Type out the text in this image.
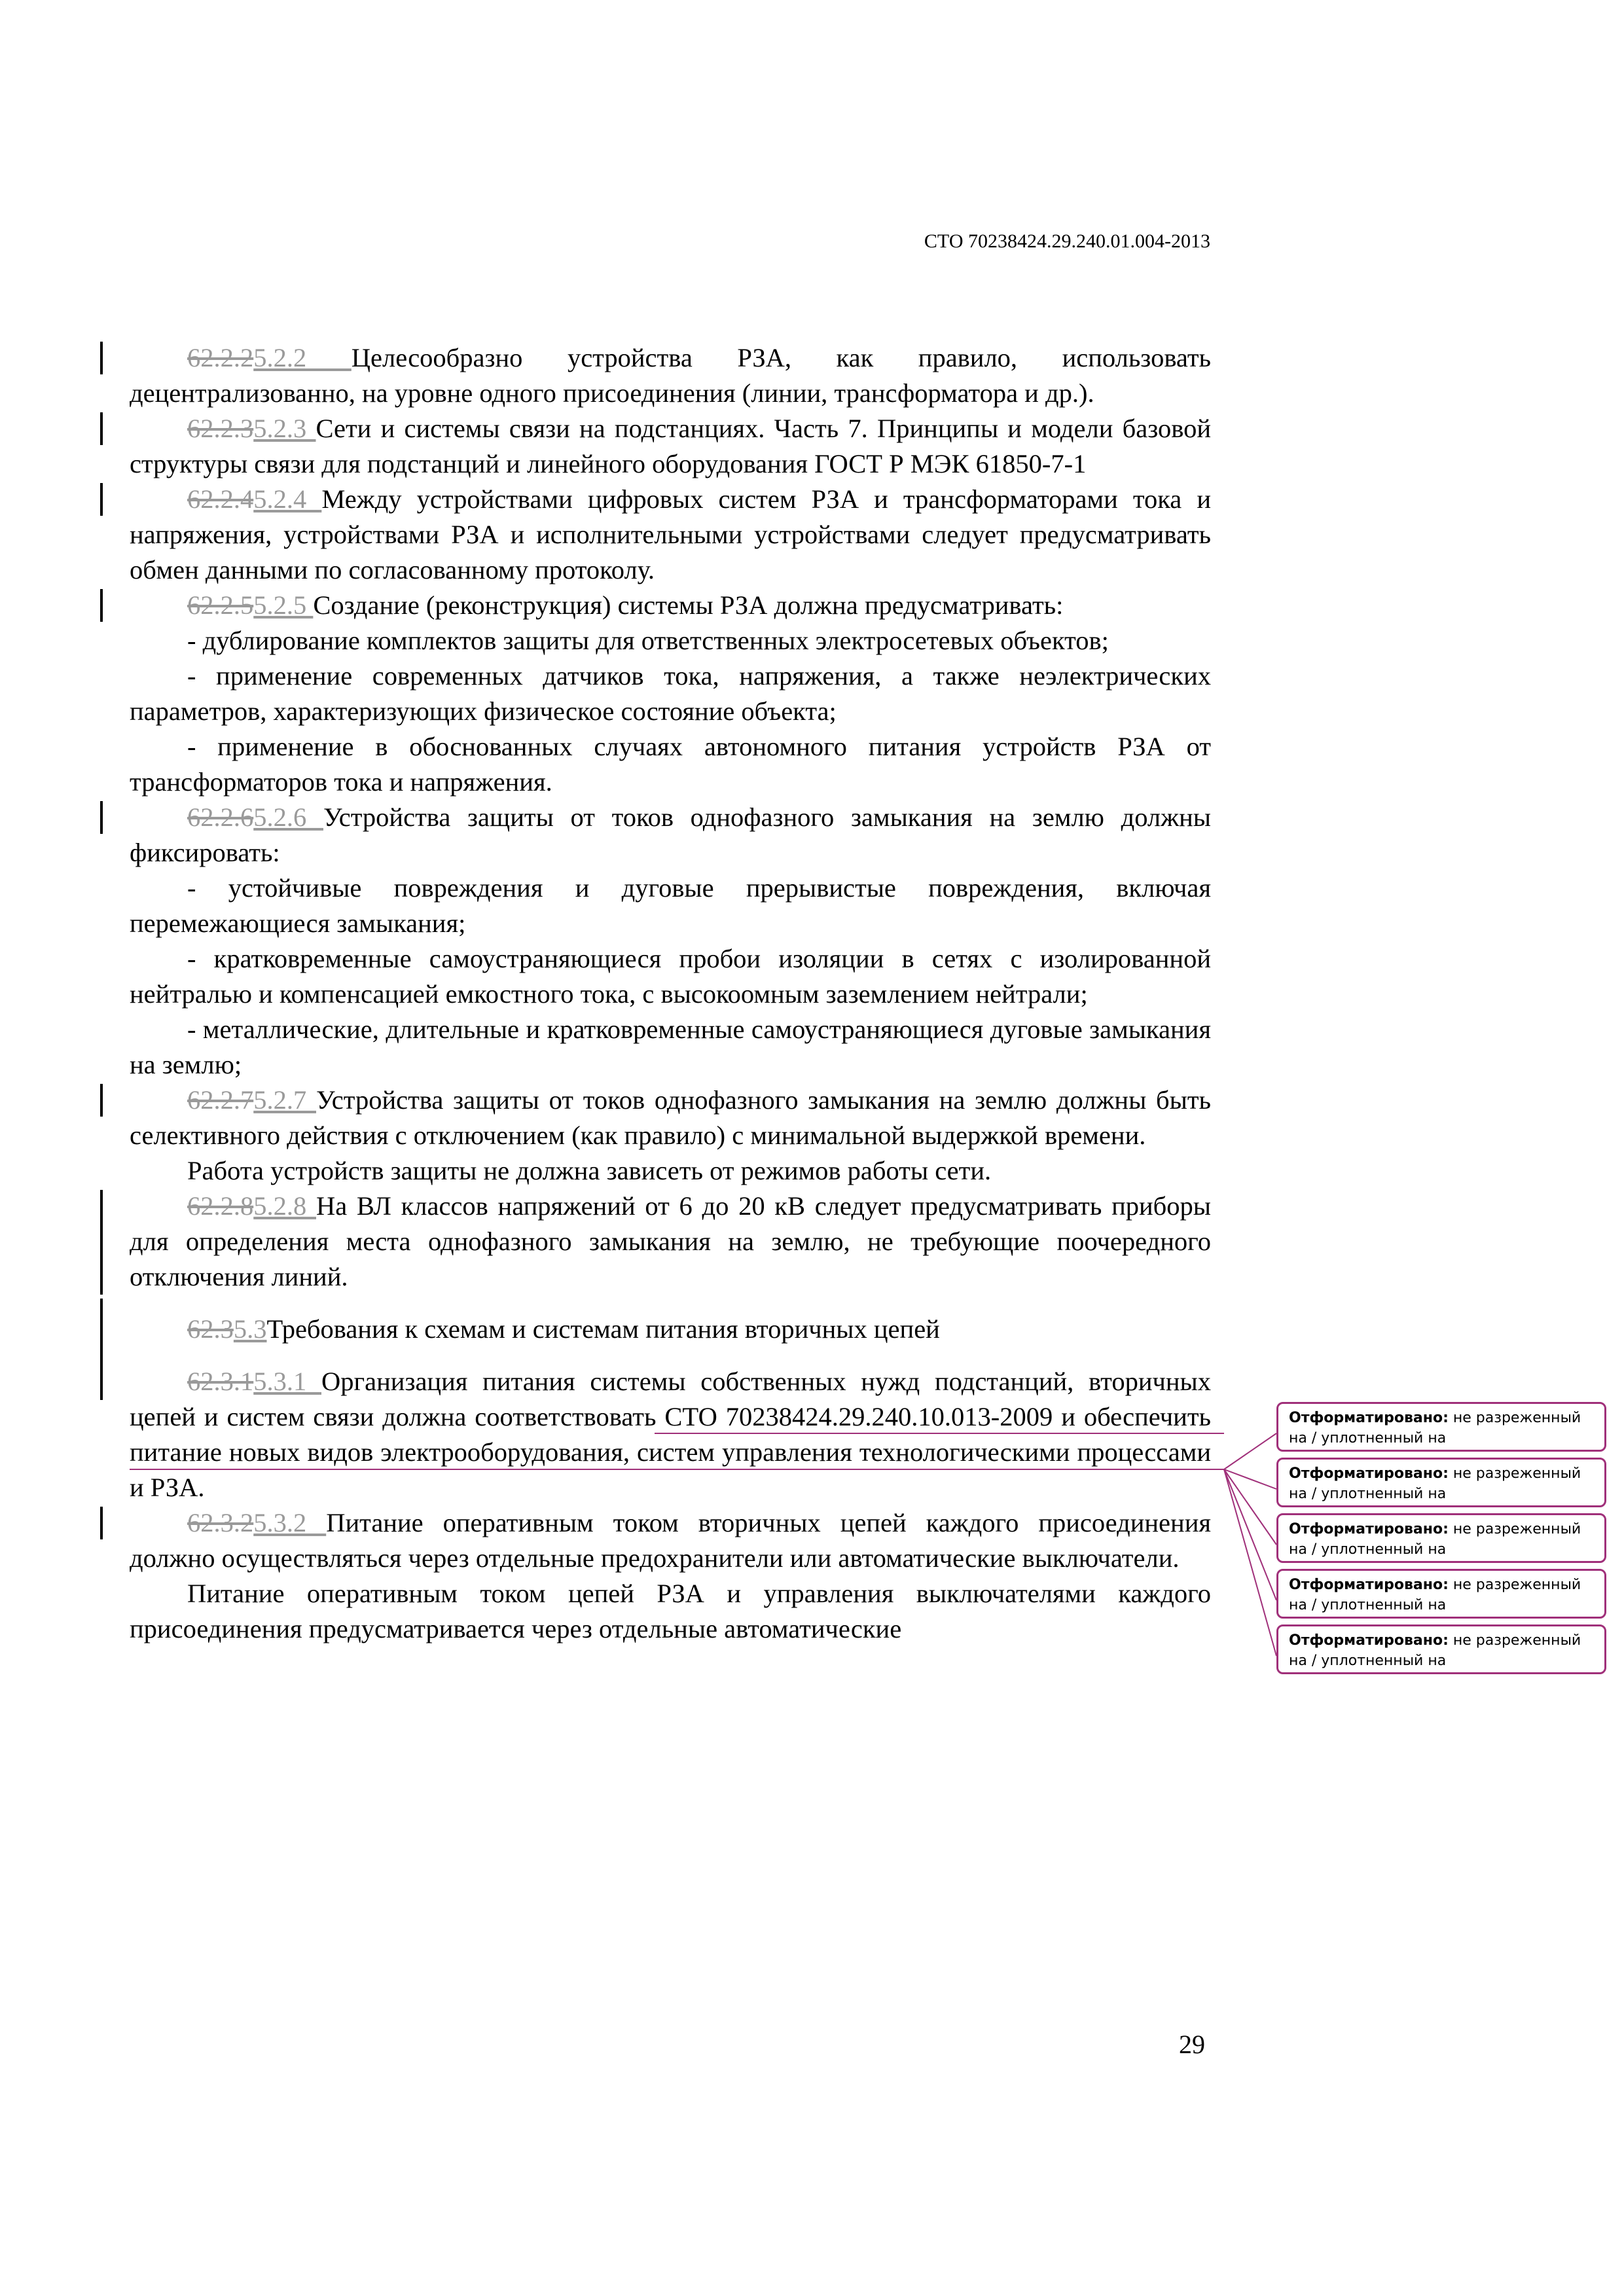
СТО 70238424.29.240.01.004-2013

62.2.25.2.2 Целесообразно устройства РЗА, как правило, использовать децентрализованно, на уровне одного присоединения (линии, трансформатора и др.).

62.2.35.2.3 Сети и системы связи на подстанциях. Часть 7. Принципы и модели базовой структуры связи для подстанций и линейного оборудования ГОСТ Р МЭК 61850-7-1

62.2.45.2.4 Между устройствами цифровых систем РЗА и трансформаторами тока и напряжения, устройствами РЗА и исполнительными устройствами следует предусматривать обмен данными по согласованному протоколу.

62.2.55.2.5 Создание (реконструкция) системы РЗА должна предусматривать:

- дублирование комплектов защиты для ответственных электросетевых объектов;

- применение современных датчиков тока, напряжения, а также неэлектрических параметров, характеризующих физическое состояние объекта;

- применение в обоснованных случаях автономного питания устройств РЗА от трансформаторов тока и напряжения.

62.2.65.2.6 Устройства защиты от токов однофазного замыкания на землю должны фиксировать:

- устойчивые повреждения и дуговые прерывистые повреждения, включая перемежающиеся замыкания;

- кратковременные самоустраняющиеся пробои изоляции в сетях с изолированной нейтралью и компенсацией емкостного тока, с высокоомным заземлением нейтрали;

- металлические, длительные и кратковременные самоустраняющиеся дуговые замыкания на землю;

62.2.75.2.7 Устройства защиты от токов однофазного замыкания на землю должны быть селективного действия с отключением (как правило) с минимальной выдержкой времени.

Работа устройств защиты не должна зависеть от режимов работы сети.

62.2.85.2.8 На ВЛ классов напряжений от 6 до 20 кВ следует предусматривать приборы для определения места однофазного замыкания на землю, не требующие поочередного отключения линий.

62.35.3Требования к схемам и системам питания вторичных цепей

62.3.15.3.1 Организация питания системы собственных нужд подстанций, вторичных цепей и систем связи должна соответствовать СТО 70238424.29.240.10.013-2009 и обеспечить питание новых видов электрооборудования, систем управления технологическими процессами и РЗА.

62.3.25.3.2 Питание оперативным током вторичных цепей каждого присоединения должно осуществляться через отдельные предохранители или автоматические выключатели.

Питание оперативным током цепей РЗА и управления выключателями каждого присоединения предусматривается через отдельные автоматические

Отформатировано: не разреженный на / уплотненный на
Отформатировано: не разреженный на / уплотненный на
Отформатировано: не разреженный на / уплотненный на
Отформатировано: не разреженный на / уплотненный на
Отформатировано: не разреженный на / уплотненный на
29
